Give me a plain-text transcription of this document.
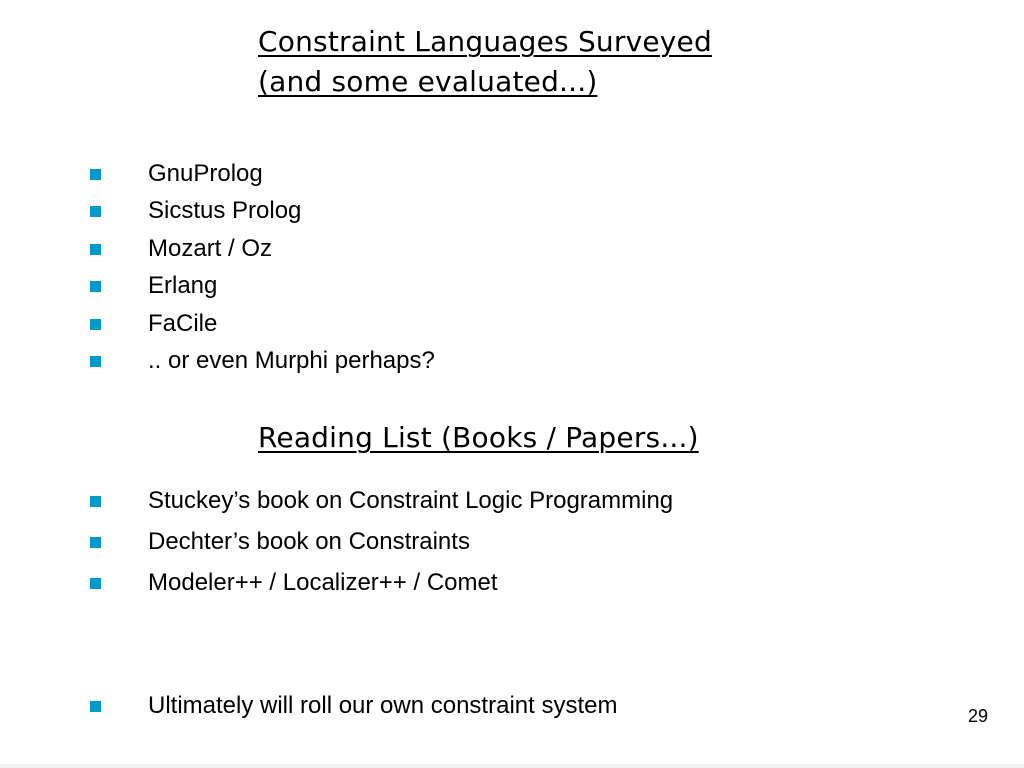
Constraint Languages Surveyed
(and some evaluated...)
GnuProlog
Sicstus Prolog
Mozart / Oz
Erlang
FaCile
.. or even Murphi perhaps?
Reading List (Books / Papers...)
Stuckey’s book on Constraint Logic Programming
Dechter’s book on Constraints
Modeler++ / Localizer++ / Comet
Ultimately will roll our own constraint system	29
